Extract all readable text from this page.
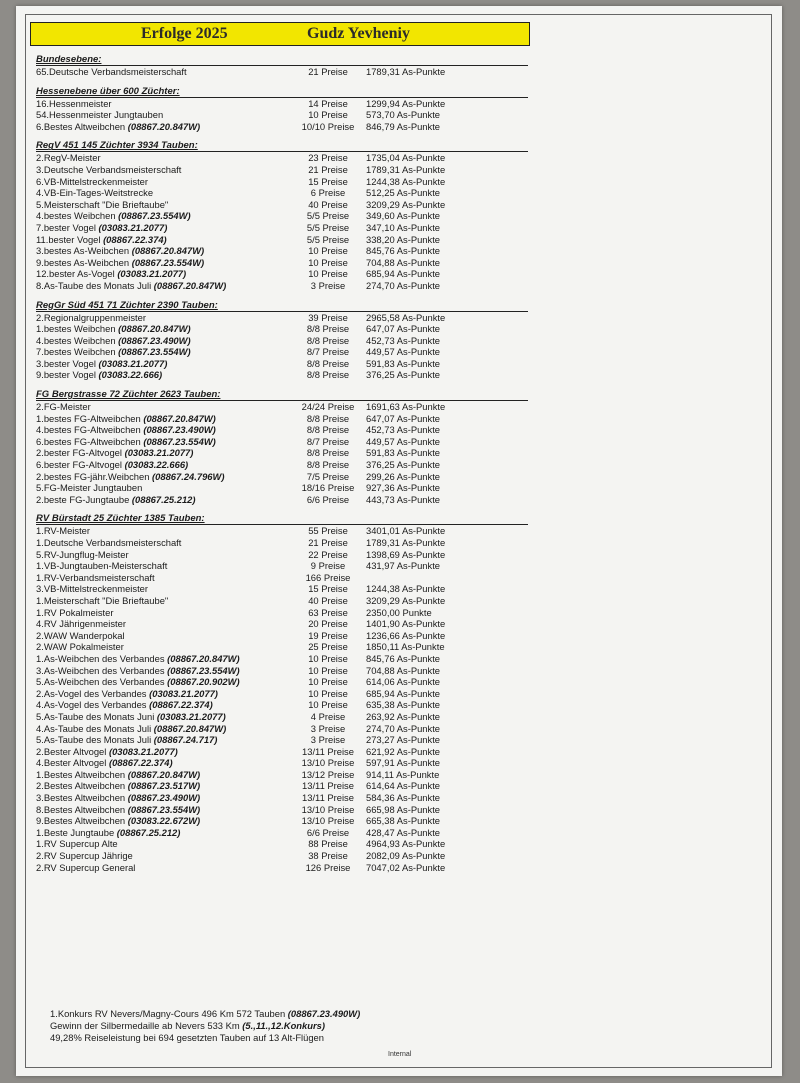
Erfolge 2025	Gudz Yevheniy
Bundesebene:
65.Deutsche Verbandsmeisterschaft	21 Preise	1789,31 As-Punkte
Hessenebene über 600 Züchter:
16.Hessenmeister	14 Preise	1299,94 As-Punkte
54.Hessenmeister Jungtauben	10 Preise	573,70 As-Punkte
6.Bestes Altweibchen (08867.20.847W)	10/10 Preise	846,79 As-Punkte
RegV 451 145 Züchter 3934 Tauben:
2.RegV-Meister	23 Preise	1735,04 As-Punkte
3.Deutsche Verbandsmeisterschaft	21 Preise	1789,31 As-Punkte
6.VB-Mittelstreckenmeister	15 Preise	1244,38 As-Punkte
4.VB-Ein-Tages-Weitstrecke	6 Preise	512,25 As-Punkte
5.Meisterschaft "Die Brieftaube"	40 Preise	3209,29 As-Punkte
4.bestes Weibchen (08867.23.554W)	5/5 Preise	349,60 As-Punkte
7.bester Vogel (03083.21.2077)	5/5 Preise	347,10 As-Punkte
11.bester Vogel (08867.22.374)	5/5 Preise	338,20 As-Punkte
3.bestes As-Weibchen (08867.20.847W)	10 Preise	845,76 As-Punkte
9.bestes As-Weibchen (08867.23.554W)	10 Preise	704,88 As-Punkte
12.bester As-Vogel (03083.21.2077)	10 Preise	685,94 As-Punkte
8.As-Taube des Monats Juli (08867.20.847W)	3 Preise	274,70 As-Punkte
RegGr Süd 451 71 Züchter 2390 Tauben:
2.Regionalgruppenmeister	39 Preise	2965,58 As-Punkte
1.bestes Weibchen (08867.20.847W)	8/8 Preise	647,07 As-Punkte
4.bestes Weibchen (08867.23.490W)	8/8 Preise	452,73 As-Punkte
7.bestes Weibchen (08867.23.554W)	8/7 Preise	449,57 As-Punkte
3.bester Vogel (03083.21.2077)	8/8 Preise	591,83 As-Punkte
9.bester Vogel (03083.22.666)	8/8 Preise	376,25 As-Punkte
FG Bergstrasse 72 Züchter 2623 Tauben:
2.FG-Meister	24/24 Preise	1691,63 As-Punkte
1.bestes FG-Altweibchen (08867.20.847W)	8/8 Preise	647,07 As-Punkte
4.bestes FG-Altweibchen (08867.23.490W)	8/8 Preise	452,73 As-Punkte
6.bestes FG-Altweibchen (08867.23.554W)	8/7 Preise	449,57 As-Punkte
2.bester FG-Altvogel (03083.21.2077)	8/8 Preise	591,83 As-Punkte
6.bester FG-Altvogel (03083.22.666)	8/8 Preise	376,25 As-Punkte
2.bestes FG-jähr.Weibchen (08867.24.796W)	7/5 Preise	299,26 As-Punkte
5.FG-Meister Jungtauben	18/16 Preise	927,36 As-Punkte
2.beste FG-Jungtaube (08867.25.212)	6/6 Preise	443,73 As-Punkte
RV Bürstadt 25 Züchter 1385 Tauben:
1.RV-Meister	55 Preise	3401,01 As-Punkte
1.Deutsche Verbandsmeisterschaft	21 Preise	1789,31 As-Punkte
5.RV-Jungflug-Meister	22 Preise	1398,69 As-Punkte
1.VB-Jungtauben-Meisterschaft	9 Preise	431,97 As-Punkte
1.RV-Verbandsmeisterschaft	166 Preise
3.VB-Mittelstreckenmeister	15 Preise	1244,38 As-Punkte
1.Meisterschaft "Die Brieftaube"	40 Preise	3209,29 As-Punkte
1.RV Pokalmeister	63 Preise	2350,00 Punkte
4.RV Jährigenmeister	20 Preise	1401,90 As-Punkte
2.WAW Wanderpokal	19 Preise	1236,66 As-Punkte
2.WAW Pokalmeister	25 Preise	1850,11 As-Punkte
1.As-Weibchen des Verbandes (08867.20.847W)	10 Preise	845,76 As-Punkte
3.As-Weibchen des Verbandes (08867.23.554W)	10 Preise	704,88 As-Punkte
5.As-Weibchen des Verbandes (08867.20.902W)	10 Preise	614,06 As-Punkte
2.As-Vogel des Verbandes (03083.21.2077)	10 Preise	685,94 As-Punkte
4.As-Vogel des Verbandes (08867.22.374)	10 Preise	635,38 As-Punkte
5.As-Taube des Monats Juni (03083.21.2077)	4 Preise	263,92 As-Punkte
4.As-Taube des Monats Juli (08867.20.847W)	3 Preise	274,70 As-Punkte
5.As-Taube des Monats Juli (08867.24.717)	3 Preise	273,27 As-Punkte
2.Bester Altvogel (03083.21.2077)	13/11 Preise	621,92 As-Punkte
4.Bester Altvogel (08867.22.374)	13/10 Preise	597,91 As-Punkte
1.Bestes Altweibchen (08867.20.847W)	13/12 Preise	914,11 As-Punkte
2.Bestes Altweibchen (08867.23.517W)	13/11 Preise	614,64 As-Punkte
3.Bestes Altweibchen (08867.23.490W)	13/11 Preise	584,36 As-Punkte
8.Bestes Altweibchen (08867.23.554W)	13/10 Preise	665,98 As-Punkte
9.Bestes Altweibchen (03083.22.672W)	13/10 Preise	665,38 As-Punkte
1.Beste Jungtaube (08867.25.212)	6/6 Preise	428,47 As-Punkte
1.RV Supercup Alte	88 Preise	4964,93 As-Punkte
2.RV Supercup Jährige	38 Preise	2082,09 As-Punkte
2.RV Supercup General	126 Preise	7047,02 As-Punkte
1.Konkurs RV Nevers/Magny-Cours 496 Km 572 Tauben (08867.23.490W)
Gewinn der Silbermedaille ab Nevers 533 Km (5.,11.,12.Konkurs)
49,28% Reiseleistung bei 694 gesetzten Tauben auf 13 Alt-Flügen
Internal
